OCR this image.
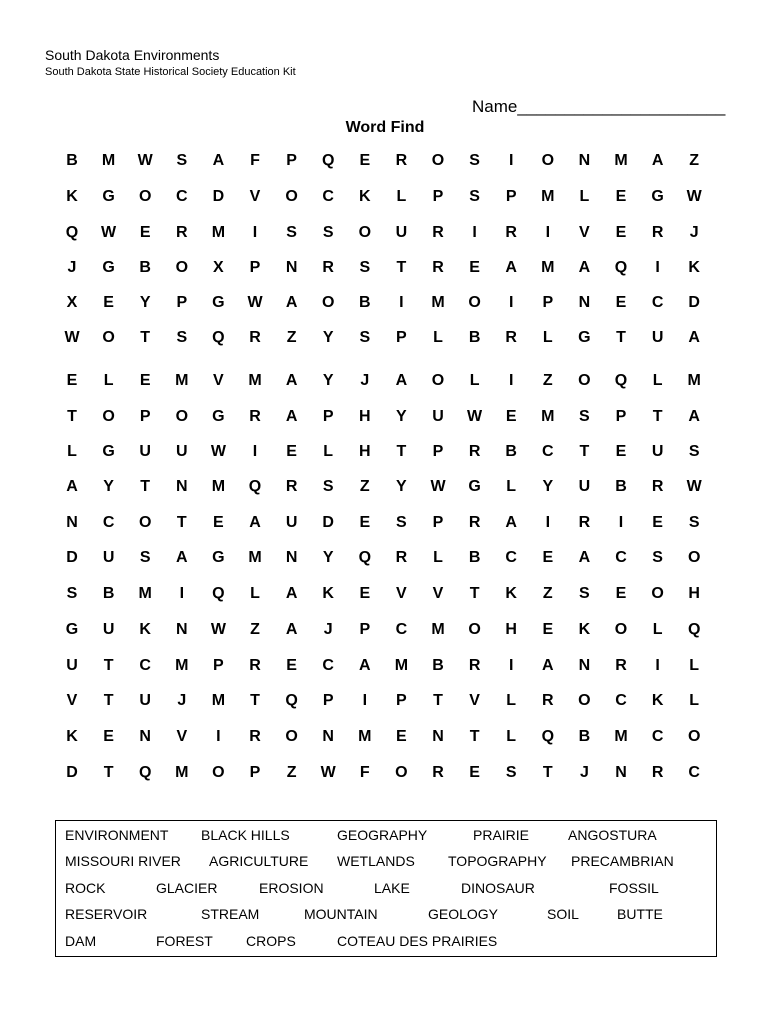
South Dakota Environments
South Dakota State Historical Society Education Kit
Name______________________
Word Find
B	M	W	S	A	F	P	Q	E	R	O	S	I	O	N	M	A	Z
K	G	O	C	D	V	O	C	K	L	P	S	P	M	L	E	G	W
Q	W	E	R	M	I	S	S	O	U	R	I	R	I	V	E	R	J
J	G	B	O	X	P	N	R	S	T	R	E	A	M	A	Q	I	K
X	E	Y	P	G	W	A	O	B	I	M	O	I	P	N	E	C	D
W	O	T	S	Q	R	Z	Y	S	P	L	B	R	L	G	T	U	A
E	L	E	M	V	M	A	Y	J	A	O	L	I	Z	O	Q	L	M
T	O	P	O	G	R	A	P	H	Y	U	W	E	M	S	P	T	A
L	G	U	U	W	I	E	L	H	T	P	R	B	C	T	E	U	S
A	Y	T	N	M	Q	R	S	Z	Y	W	G	L	Y	U	B	R	W
N	C	O	T	E	A	U	D	E	S	P	R	A	I	R	I	E	S
D	U	S	A	G	M	N	Y	Q	R	L	B	C	E	A	C	S	O
S	B	M	I	Q	L	A	K	E	V	V	T	K	Z	S	E	O	H
G	U	K	N	W	Z	A	J	P	C	M	O	H	E	K	O	L	Q
U	T	C	M	P	R	E	C	A	M	B	R	I	A	N	R	I	L
V	T	U	J	M	T	Q	P	I	P	T	V	L	R	O	C	K	L
K	E	N	V	I	R	O	N	M	E	N	T	L	Q	B	M	C	O
D	T	Q	M	O	P	Z	W	F	O	R	E	S	T	J	N	R	C
ENVIRONMENT BLACK HILLS	GEOGRAPHY	PRAIRIE	ANGOSTURA
MISSOURI RIVER AGRICULTURE WETLANDS TOPOGRAPHY PRECAMBRIAN
ROCK	GLACIER	EROSION	LAKE	DINOSAUR	FOSSIL
RESERVOIR	STREAM	MOUNTAIN	GEOLOGY	SOIL	BUTTE
DAM	FOREST CROPS	COTEAU DES PRAIRIES
